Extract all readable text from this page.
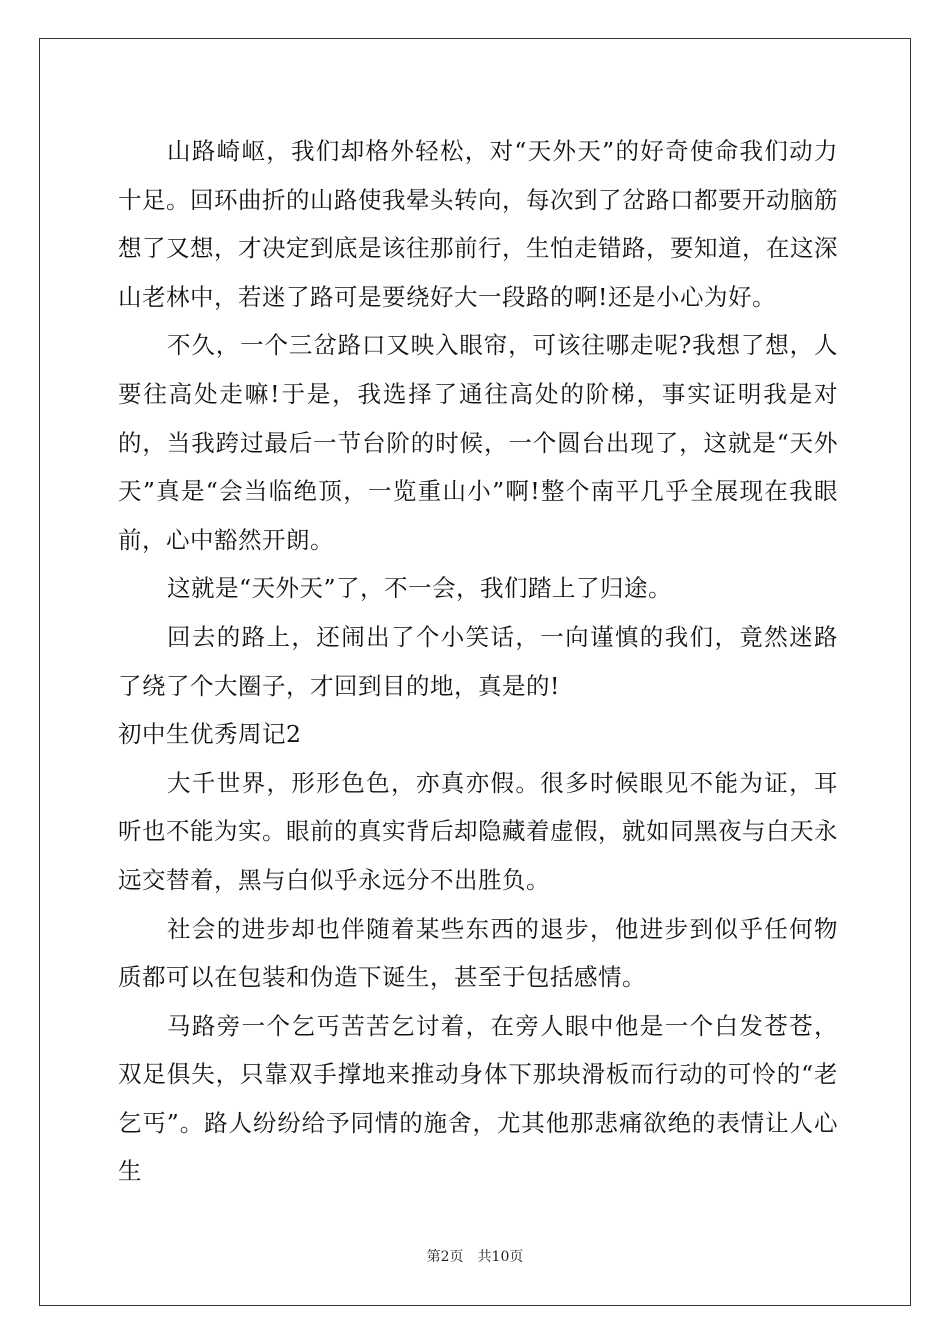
山路崎岖，我们却格外轻松，对“天外天”的好奇使命我们动力十足。回环曲折的山路使我晕头转向，每次到了岔路口都要开动脑筋想了又想，才决定到底是该往那前行，生怕走错路，要知道，在这深山老林中，若迷了路可是要绕好大一段路的啊!还是小心为好。

不久，一个三岔路口又映入眼帘，可该往哪走呢?我想了想，人要往高处走嘛!于是，我选择了通往高处的阶梯，事实证明我是对的，当我跨过最后一节台阶的时候，一个圆台出现了，这就是“天外天”真是“会当临绝顶，一览重山小”啊!整个南平几乎全展现在我眼前，心中豁然开朗。

这就是“天外天”了，不一会，我们踏上了归途。

回去的路上，还闹出了个小笑话，一向谨慎的我们，竟然迷路了绕了个大圈子，才回到目的地，真是的!

初中生优秀周记2

大千世界，形形色色，亦真亦假。很多时候眼见不能为证，耳听也不能为实。眼前的真实背后却隐藏着虚假，就如同黑夜与白天永远交替着，黑与白似乎永远分不出胜负。

社会的进步却也伴随着某些东西的退步，他进步到似乎任何物质都可以在包装和伪造下诞生，甚至于包括感情。

马路旁一个乞丐苦苦乞讨着，在旁人眼中他是一个白发苍苍，双足俱失，只靠双手撑地来推动身体下那块滑板而行动的可怜的“老乞丐”。路人纷纷给予同情的施舍，尤其他那悲痛欲绝的表情让人心生

第2页 共10页
